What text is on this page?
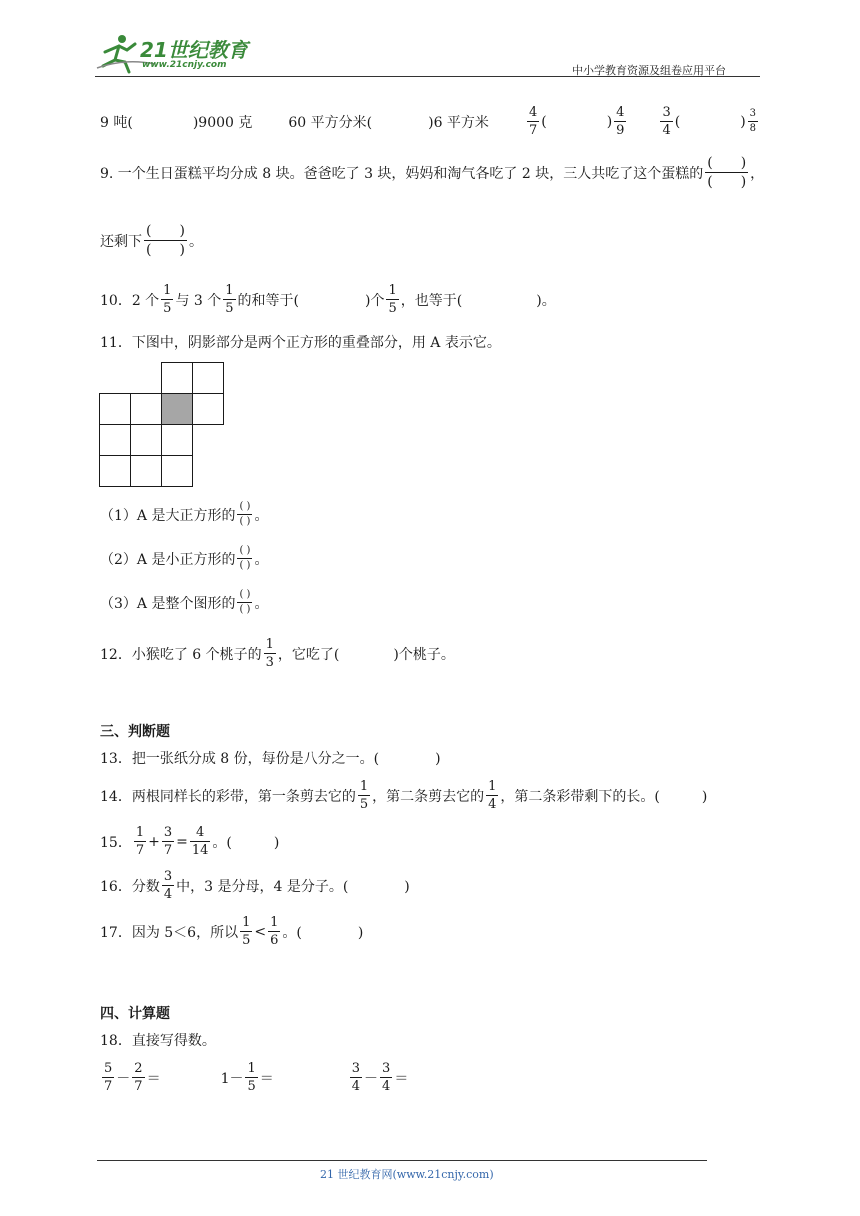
21世纪教育
www.21cnjy.com	中小学教育资源及组卷应用平台
9 吨(	)9000 克	60 平方分米(	)6 平方米	$\frac{4}{7}$ (	) $\frac{4}{9}$	$\frac{3}{4}$ (	) $\frac{3}{8}$
9. 一个生日蛋糕平均分成 8 块。爸爸吃了 3 块，妈妈和淘气各吃了 2 块，三人共吃了这个蛋糕的 $\frac{( )}{( )}$ ，
还剩下 $\frac{( )}{( )}$ 。
10．2 个 $\frac{1}{5}$ 与 3 个 $\frac{1}{5}$ 的和等于(	)个 $\frac{1}{5}$ ，也等于(	)。
11．下图中，阴影部分是两个正方形的重叠部分，用 A 表示它。
（1）A 是大正方形的 $\frac{( )}{( )}$ 。
（2）A 是小正方形的 $\frac{( )}{( )}$ 。
（3）A 是整个图形的 $\frac{( )}{( )}$ 。
12．小猴吃了 6 个桃子的 $\frac{1}{3}$ ，它吃了(	)个桃子。
三、判断题
13．把一张纸分成 8 份，每份是八分之一。(　　　　)
14．两根同样长的彩带，第一条剪去它的 $\frac{1}{5}$ ，第二条剪去它的 $\frac{1}{4}$ ，第二条彩带剩下的长。(　　　)
15． $\frac{1}{7} + \frac{3}{7} = \frac{4}{14}$ 。(　　　)
16．分数 $\frac{3}{4}$ 中，3 是分母，4 是分子。(　　　　)
17．因为 5＜6，所以 $\frac{1}{5} < \frac{1}{6}$ 。(　　　　)
四、计算题
18．直接写得数。
$\frac{5}{7} - \frac{2}{7}$ ＝	$1- \frac{1}{5}$ ＝	$\frac{3}{4} - \frac{3}{4}$ ＝
21 世纪教育网(www.21cnjy.com)
